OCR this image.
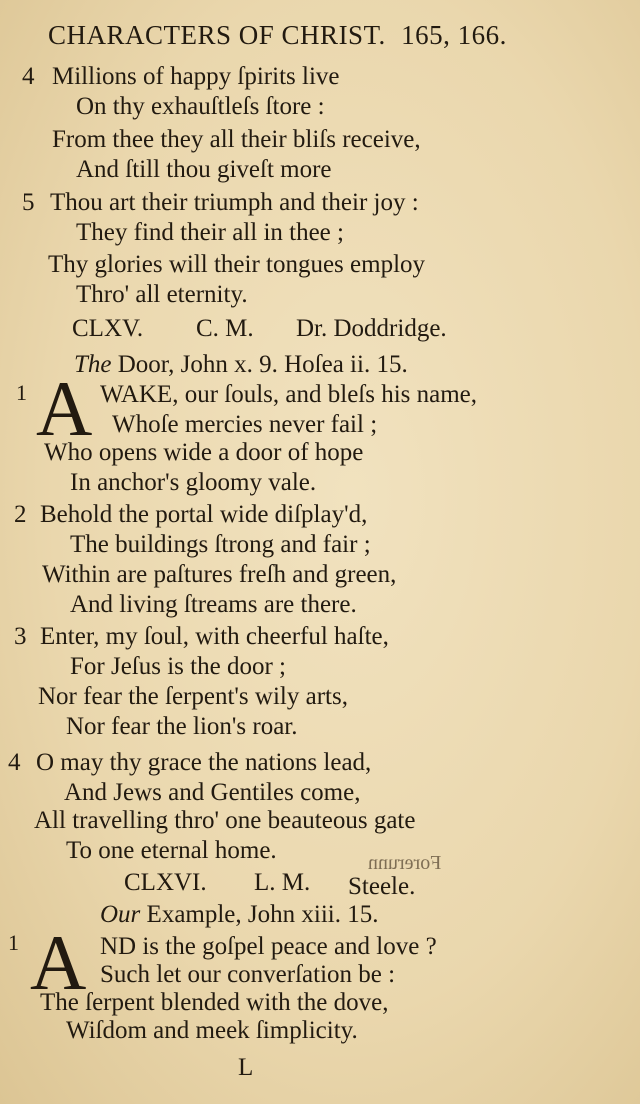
CHARACTERS OF CHRIST. 165, 166.
4 Millions of happy ſpirits live
On thy exhauſtleſs ſtore :
From thee they all their bliſs receive,
And ſtill thou giveſt more
5 Thou art their triumph and their joy :
They find their all in thee ;
Thy glories will their tongues employ
Thro' all eternity.
CLXV. C. M. Dr. Doddridge.
The Door, John x. 9. Hoſea ii. 15.
1 A WAKE, our ſouls, and bleſs his name,
Whoſe mercies never fail ;
Who opens wide a door of hope
In anchor's gloomy vale.
2 Behold the portal wide diſplay'd,
The buildings ſtrong and fair ;
Within are paſtures freſh and green,
And living ſtreams are there.
3 Enter, my ſoul, with cheerful haſte,
For Jeſus is the door ;
Nor fear the ſerpent's wily arts,
Nor fear the lion's roar.
4 O may thy grace the nations lead,
And Jews and Gentiles come,
All travelling thro' one beauteous gate
To one eternal home.
CLXVI. L. M. Steele.
Forerunn
Our Example, John xiii. 15.
1 A ND is the goſpel peace and love ?
Such let our converſation be :
The ſerpent blended with the dove,
Wiſdom and meek ſimplicity.
L
